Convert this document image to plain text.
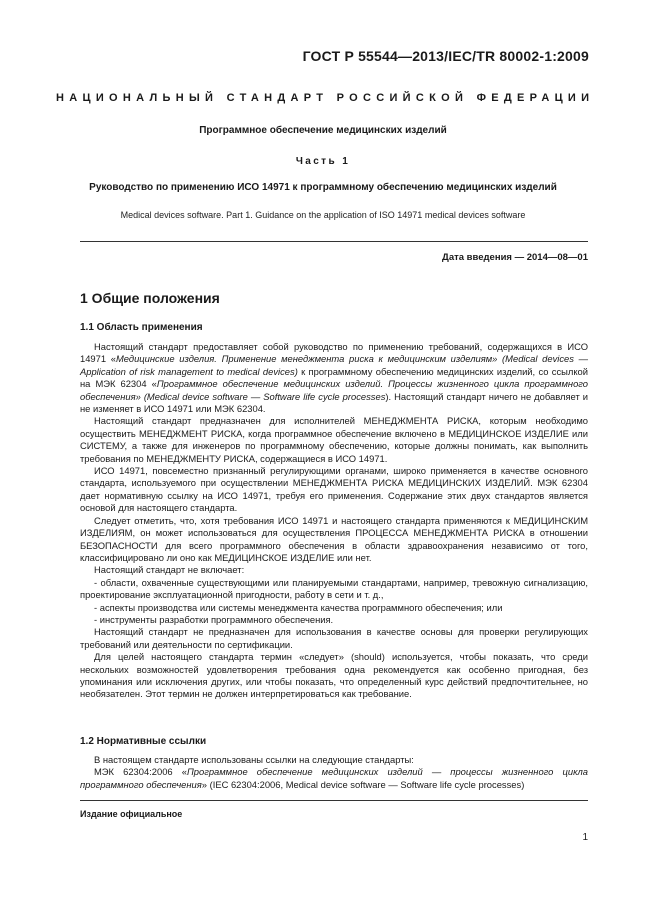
ГОСТ Р 55544—2013/IEC/TR 80002-1:2009
НАЦИОНАЛЬНЫЙ СТАНДАРТ РОССИЙСКОЙ ФЕДЕРАЦИИ
Программное обеспечение медицинских изделий
Часть 1
Руководство по применению ИСО 14971 к программному обеспечению медицинских изделий
Medical devices software. Part 1. Guidance on the application of ISO 14971 medical devices software
Дата введения — 2014—08—01
1 Общие положения
1.1 Область применения

Настоящий стандарт предоставляет собой руководство по применению требований, содержащихся в ИСО 14971 «Медицинские изделия. Применение менеджмента риска к медицинским изделиям» (Medical devices — Application of risk management to medical devices) к программному обеспечению медицинских изделий, со ссылкой на МЭК 62304 «Программное обеспечение медицинских изделий. Процессы жизненного цикла программного обеспечения» (Medical device software — Software life cycle processes). Настоящий стандарт ничего не добавляет и не изменяет в ИСО 14971 или МЭК 62304.

Настоящий стандарт предназначен для исполнителей МЕНЕДЖМЕНТА РИСКА, которым необходимо осуществить МЕНЕДЖМЕНТ РИСКА, когда программное обеспечение включено в МЕДИЦИНСКОЕ ИЗДЕЛИЕ или СИСТЕМУ, а также для инженеров по программному обеспечению, которые должны понимать, как выполнить требования по МЕНЕДЖМЕНТУ РИСКА, содержащиеся в ИСО 14971.

ИСО 14971, повсеместно признанный регулирующими органами, широко применяется в качестве основного стандарта, используемого при осуществлении МЕНЕДЖМЕНТА РИСКА МЕДИЦИНСКИХ ИЗДЕЛИЙ. МЭК 62304 дает нормативную ссылку на ИСО 14971, требуя его применения. Содержание этих двух стандартов является основой для настоящего стандарта.

Следует отметить, что, хотя требования ИСО 14971 и настоящего стандарта применяются к МЕДИЦИНСКИМ ИЗДЕЛИЯМ, он может использоваться для осуществления ПРОЦЕССА МЕНЕДЖМЕНТА РИСКА в отношении БЕЗОПАСНОСТИ для всего программного обеспечения в области здравоохранения независимо от того, классифицировано ли оно как МЕДИЦИНСКОЕ ИЗДЕЛИЕ или нет.

Настоящий стандарт не включает:

- области, охваченные существующими или планируемыми стандартами, например, тревожную сигнализацию, проектирование эксплуатационной пригодности, работу в сети и т. д.,

- аспекты производства или системы менеджмента качества программного обеспечения; или

- инструменты разработки программного обеспечения.

Настоящий стандарт не предназначен для использования в качестве основы для проверки регулирующих требований или деятельности по сертификации.

Для целей настоящего стандарта термин «следует» (should) используется, чтобы показать, что среди нескольких возможностей удовлетворения требования одна рекомендуется как особенно пригодная, без упоминания или исключения других, или чтобы показать, что определенный курс действий предпочтительнее, но необязателен. Этот термин не должен интерпретироваться как требование.

1.2 Нормативные ссылки

В настоящем стандарте использованы ссылки на следующие стандарты:

МЭК 62304:2006 «Программное обеспечение медицинских изделий — процессы жизненного цикла программного обеспечения» (IEC 62304:2006, Medical device software — Software life cycle processes)

Издание официальное
1
